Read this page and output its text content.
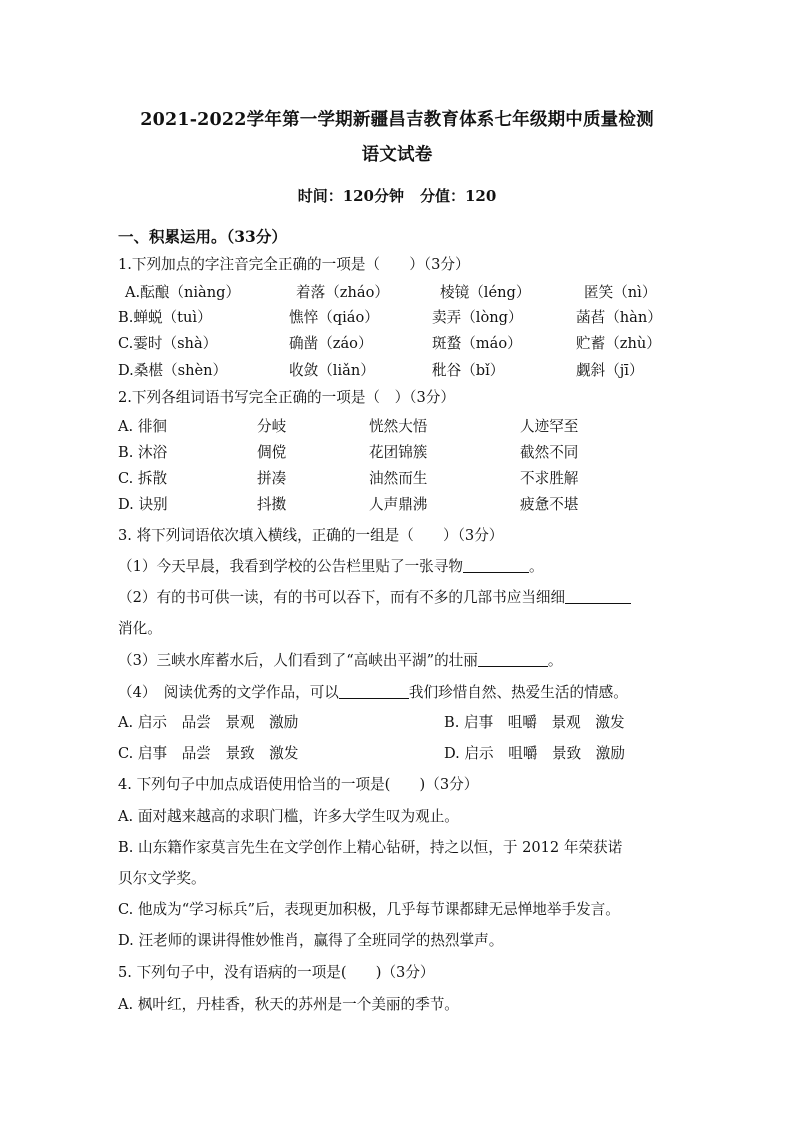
2021-2022学年第一学期新疆昌吉教育体系七年级期中质量检测
语文试卷
时间：120分钟 分值：120
一、积累运用。（33分）
1.下列加点的字注音完全正确的一项是（　　）（3分）
A.酝酿（niàng）	着落（zháo）	棱镜（léng）	匿笑（nì）
B.蝉蜕（tuì）	憔悴（qiáo）	卖弄（lòng）	菡萏（hàn）
C.霎时（shà）	确凿（záo）	斑蝥（máo）	贮蓄（zhù）
D.桑椹（shèn）	收敛（liǎn）	秕谷（bǐ）	觑斜（jī）
2.下列各组词语书写完全正确的一项是（　）（3分）
A. 徘徊	分岐	恍然大悟	人迹罕至
B. 沐浴	倜傥	花团锦簇	截然不同
C. 拆散	拼凑	油然而生	不求胜解
D. 诀别	抖擞	人声鼎沸	疲惫不堪
3. 将下列词语依次填入横线，正确的一组是（　　）（3分）
（1）今天早晨，我看到学校的公告栏里贴了一张寻物	。
（2）有的书可供一读，有的书可以吞下，而有不多的几部书应当细细
消化。
（3）三峡水库蓄水后，人们看到了“高峡出平湖”的壮丽	。
（4）　阅读优秀的文学作品，可以	我们珍惜自然、热爱生活的情感。
A. 启示　品尝　景观　激励	B. 启事　咀嚼　景观　激发
C. 启事　品尝　景致　激发	D. 启示　咀嚼　景致　激励
4. 下列句子中加点成语使用恰当的一项是(　　)（3分）
A. 面对越来越高的求职门槛，许多大学生叹为观止。
B. 山东籍作家莫言先生在文学创作上精心钻研，持之以恒，于 2012 年荣获诺
贝尔文学奖。
C. 他成为“学习标兵”后，表现更加积极，几乎每节课都肆无忌惮地举手发言。
D. 汪老师的课讲得惟妙惟肖，赢得了全班同学的热烈掌声。
5. 下列句子中，没有语病的一项是(　　)（3分）
A. 枫叶红，丹桂香，秋天的苏州是一个美丽的季节。
